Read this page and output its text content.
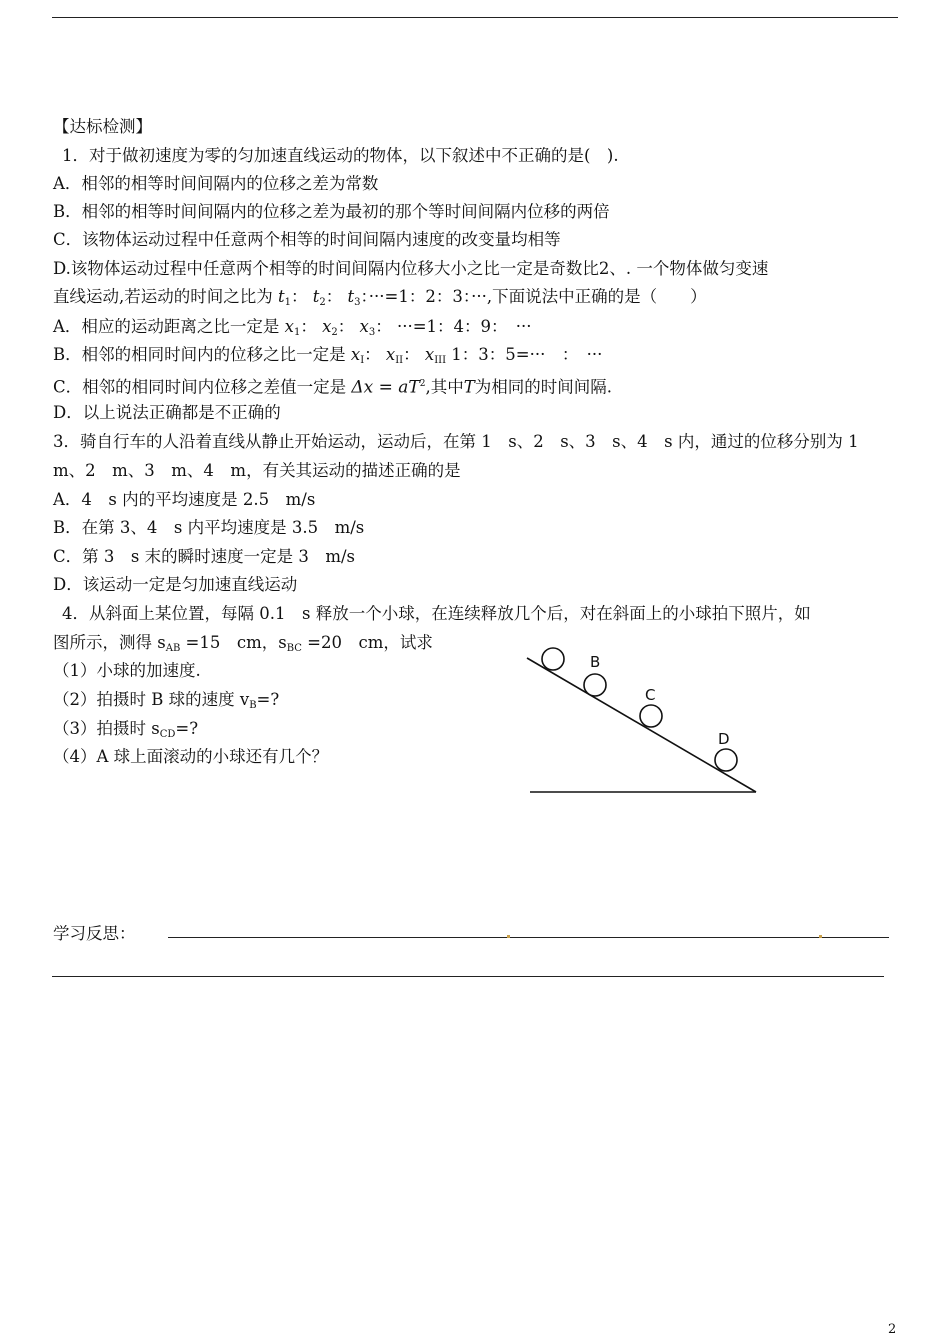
【达标检测】
1．对于做初速度为零的匀加速直线运动的物体，以下叙述中不正确的是(　).
A．相邻的相等时间间隔内的位移之差为常数
B．相邻的相等时间间隔内的位移之差为最初的那个等时间间隔内位移的两倍
C．该物体运动过程中任意两个相等的时间间隔内速度的改变量均相等
D.该物体运动过程中任意两个相等的时间间隔内位移大小之比一定是奇数比2、. 一个物体做匀变速
直线运动,若运动的时间之比为 t1： t2： t3：···=1：2：3：···,下面说法中正确的是（　　）
A．相应的运动距离之比一定是 x1： x2： x3： ···=1：4：9：　···
B．相邻的相同时间内的位移之比一定是 xI： xII： xIII 1：3：5=···　：　···
C．相邻的相同时间内位移之差值一定是 $\Delta x = aT^2$,其中T为相同的时间间隔.
D．以上说法正确都是不正确的
3．骑自行车的人沿着直线从静止开始运动，运动后，在第 1　s、2　s、3　s、4　s 内，通过的位移分别为 1
m、2　m、3　m、4　m，有关其运动的描述正确的是
A．4　s 内的平均速度是 2.5　m/s
B．在第 3、4　s 内平均速度是 3.5　m/s
C．第 3　s 末的瞬时速度一定是 3　m/s
D．该运动一定是匀加速直线运动
4．从斜面上某位置，每隔 0.1　s 释放一个小球，在连续释放几个后，对在斜面上的小球拍下照片，如
图所示，测得 sAB =15　cm，sBC =20　cm，试求
（1）小球的加速度.
（2）拍摄时 B 球的速度 vB=?
（3）拍摄时 sCD=?
（4）A 球上面滚动的小球还有几个？
B
C
D
学习反思：
2
